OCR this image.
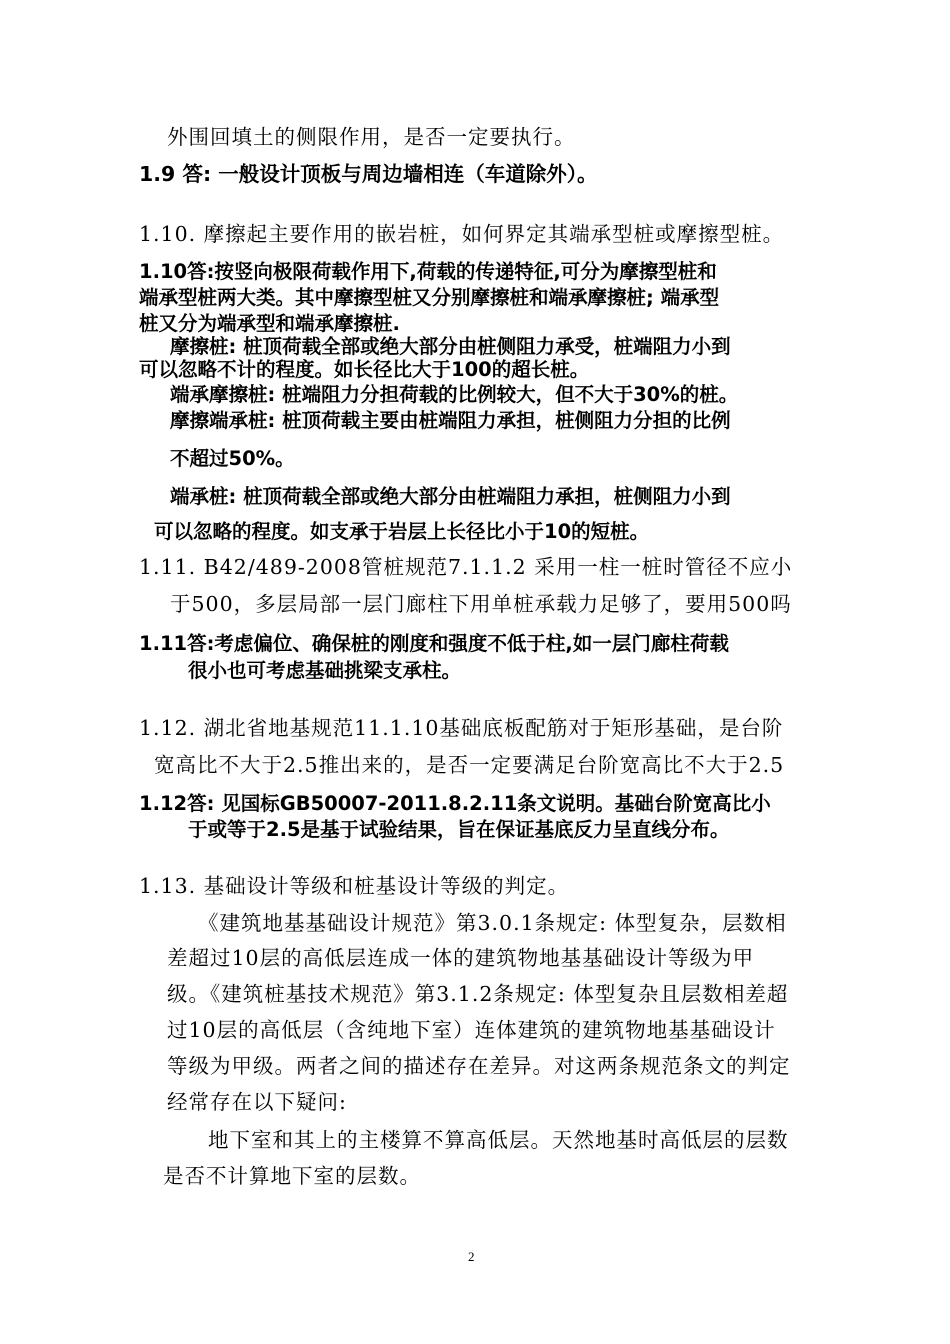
外围回填土的侧限作用，是否一定要执行。
1.9 答: 一般设计顶板与周边墙相连（车道除外）。
1.10. 摩擦起主要作用的嵌岩桩，如何界定其端承型桩或摩擦型桩。
1.10答:按竖向极限荷载作用下,荷载的传递特征,可分为摩擦型桩和
端承型桩两大类。其中摩擦型桩又分别摩擦桩和端承摩擦桩; 端承型
桩又分为端承型和端承摩擦桩.
摩擦桩: 桩顶荷载全部或绝大部分由桩侧阻力承受，桩端阻力小到
可以忽略不计的程度。如长径比大于100的超长桩。
端承摩擦桩: 桩端阻力分担荷载的比例较大，但不大于30%的桩。
摩擦端承桩: 桩顶荷载主要由桩端阻力承担，桩侧阻力分担的比例
不超过50%。
端承桩: 桩顶荷载全部或绝大部分由桩端阻力承担，桩侧阻力小到
可以忽略的程度。如支承于岩层上长径比小于10的短桩。
1.11. B42/489-2008管桩规范7.1.1.2 采用一柱一桩时管径不应小
于500，多层局部一层门廊柱下用单桩承载力足够了，要用500吗
1.11答:考虑偏位、确保桩的刚度和强度不低于柱,如一层门廊柱荷载
很小也可考虑基础挑梁支承柱。
1.12. 湖北省地基规范11.1.10基础底板配筋对于矩形基础，是台阶
宽高比不大于2.5推出来的，是否一定要满足台阶宽高比不大于2.5
1.12答: 见国标GB50007-2011.8.2.11条文说明。基础台阶宽高比小
于或等于2.5是基于试验结果，旨在保证基底反力呈直线分布。
1.13. 基础设计等级和桩基设计等级的判定。
《建筑地基基础设计规范》第3.0.1条规定: 体型复杂，层数相
差超过10层的高低层连成一体的建筑物地基基础设计等级为甲
级。《建筑桩基技术规范》第3.1.2条规定: 体型复杂且层数相差超
过10层的高低层（含纯地下室）连体建筑的建筑物地基基础设计
等级为甲级。两者之间的描述存在差异。对这两条规范条文的判定
经常存在以下疑问:
地下室和其上的主楼算不算高低层。天然地基时高低层的层数
是否不计算地下室的层数。
2
